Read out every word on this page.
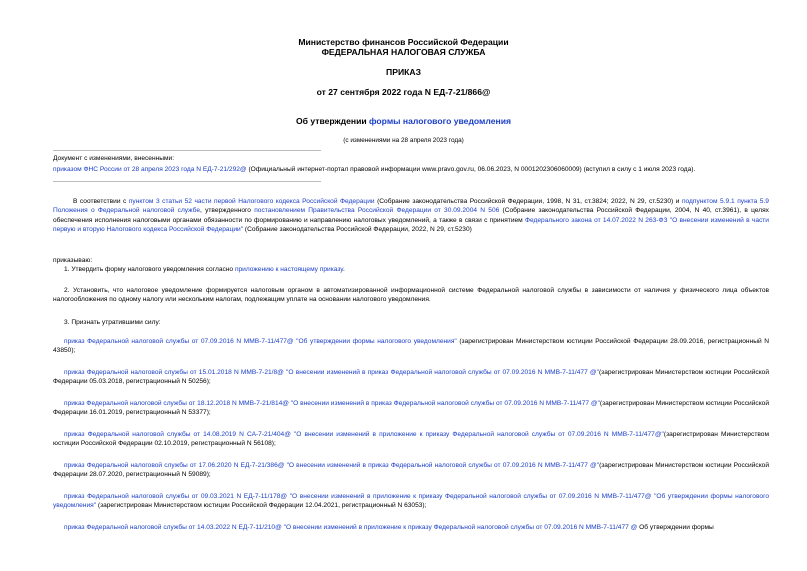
Министерство финансов Российской Федерации
ФЕДЕРАЛЬНАЯ НАЛОГОВАЯ СЛУЖБА
ПРИКАЗ
от 27 сентября 2022 года N ЕД-7-21/866@
Об утверждении формы налогового уведомления
(с изменениями на 28 апреля 2023 года)
Документ с изменениями, внесенными:
приказом ФНС России от 28 апреля 2023 года N ЕД-7-21/292@ (Официальный интернет-портал правовой информации www.pravo.gov.ru, 06.06.2023, N 0001202306060009) (вступил в силу с 1 июля 2023 года).
В соответствии с пунктом 3 статьи 52 части первой Налогового кодекса Российской Федерации (Собрание законодательства Российской Федерации, 1998, N 31, ст.3824; 2022, N 29, ст.5230) и подпунктом 5.9.1 пункта 5.9 Положения о Федеральной налоговой службе, утвержденного постановлением Правительства Российской Федерации от 30.09.2004 N 506 (Собрание законодательства Российской Федерации, 2004, N 40, ст.3961), в целях обеспечения исполнения налоговыми органами обязанности по формированию и направлению налоговых уведомлений, а также в связи с принятием Федерального закона от 14.07.2022 N 263-ФЗ "О внесении изменений в части первую и вторую Налогового кодекса Российской Федерации" (Собрание законодательства Российской Федерации, 2022, N 29, ст.5230)
приказываю:
1. Утвердить форму налогового уведомления согласно приложению к настоящему приказу.
2. Установить, что налоговое уведомление формируется налоговым органом в автоматизированной информационной системе Федеральной налоговой службы в зависимости от наличия у физического лица объектов налогообложения по одному налогу или нескольким налогам, подлежащим уплате на основании налогового уведомления.
3. Признать утратившими силу:
приказ Федеральной налоговой службы от 07.09.2016 N ММВ-7-11/477@ "Об утверждении формы налогового уведомления" (зарегистрирован Министерством юстиции Российской Федерации 28.09.2016, регистрационный N 43850);
приказ Федеральной налоговой службы от 15.01.2018 N ММВ-7-21/8@ "О внесении изменений в приказ Федеральной налоговой службы от 07.09.2016 N ММВ-7-11/477 @"(зарегистрирован Министерством юстиции Российской Федерации 05.03.2018, регистрационный N 50256);
приказ Федеральной налоговой службы от 18.12.2018 N ММВ-7-21/814@ "О внесении изменений в приказ Федеральной налоговой службы от 07.09.2016 N ММВ-7-11/477 @"(зарегистрирован Министерством юстиции Российской Федерации 16.01.2019, регистрационный N 53377);
приказ Федеральной налоговой службы от 14.08.2019 N СА-7-21/404@ "О внесении изменений в приложение к приказу Федеральной налоговой службы от 07.09.2016 N ММВ-7-11/477@"(зарегистрирован Министерством юстиции Российской Федерации 02.10.2019, регистрационный N 56108);
приказ Федеральной налоговой службы от 17.06.2020 N ЕД-7-21/386@ "О внесении изменений в приказ Федеральной налоговой службы от 07.09.2016 N ММВ-7-11/477 @"(зарегистрирован Министерством юстиции Российской Федерации 28.07.2020, регистрационный N 59089);
приказ Федеральной налоговой службы от 09.03.2021 N ЕД-7-11/178@ "О внесении изменений в приложение к приказу Федеральной налоговой службы от 07.09.2016 N ММВ-7-11/477@ "Об утверждении формы налогового уведомления" (зарегистрирован Министерством юстиции Российской Федерации 12.04.2021, регистрационный N 63053);
приказ Федеральной налоговой службы от 14.03.2022 N ЕД-7-11/210@ "О внесении изменений в приложение к приказу Федеральной налоговой службы от 07.09.2016 N ММВ-7-11/477 @ Об утверждении формы
